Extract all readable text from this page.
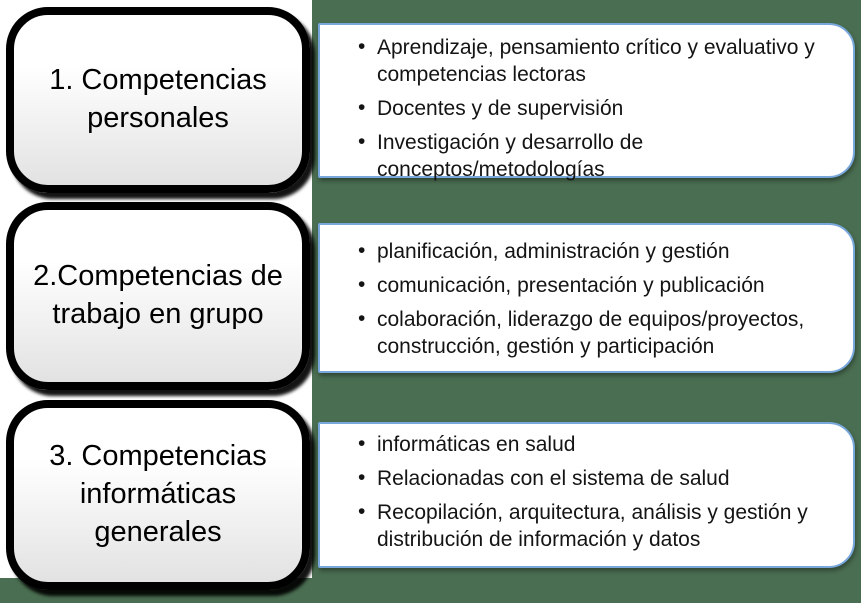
• Aprendizaje, pensamiento crítico y evaluativo y competencias lectoras
• Docentes y de supervisión
• Investigación y desarrollo de conceptos/metodologías
1. Competencias personales
• planificación, administración y gestión
• comunicación, presentación y publicación
• colaboración, liderazgo de equipos/proyectos, construcción, gestión y participación
2.Competencias de trabajo en grupo
• informáticas en salud
• Relacionadas con el sistema de salud
• Recopilación, arquitectura, análisis y gestión y distribución de información y datos
3. Competencias informáticas generales
